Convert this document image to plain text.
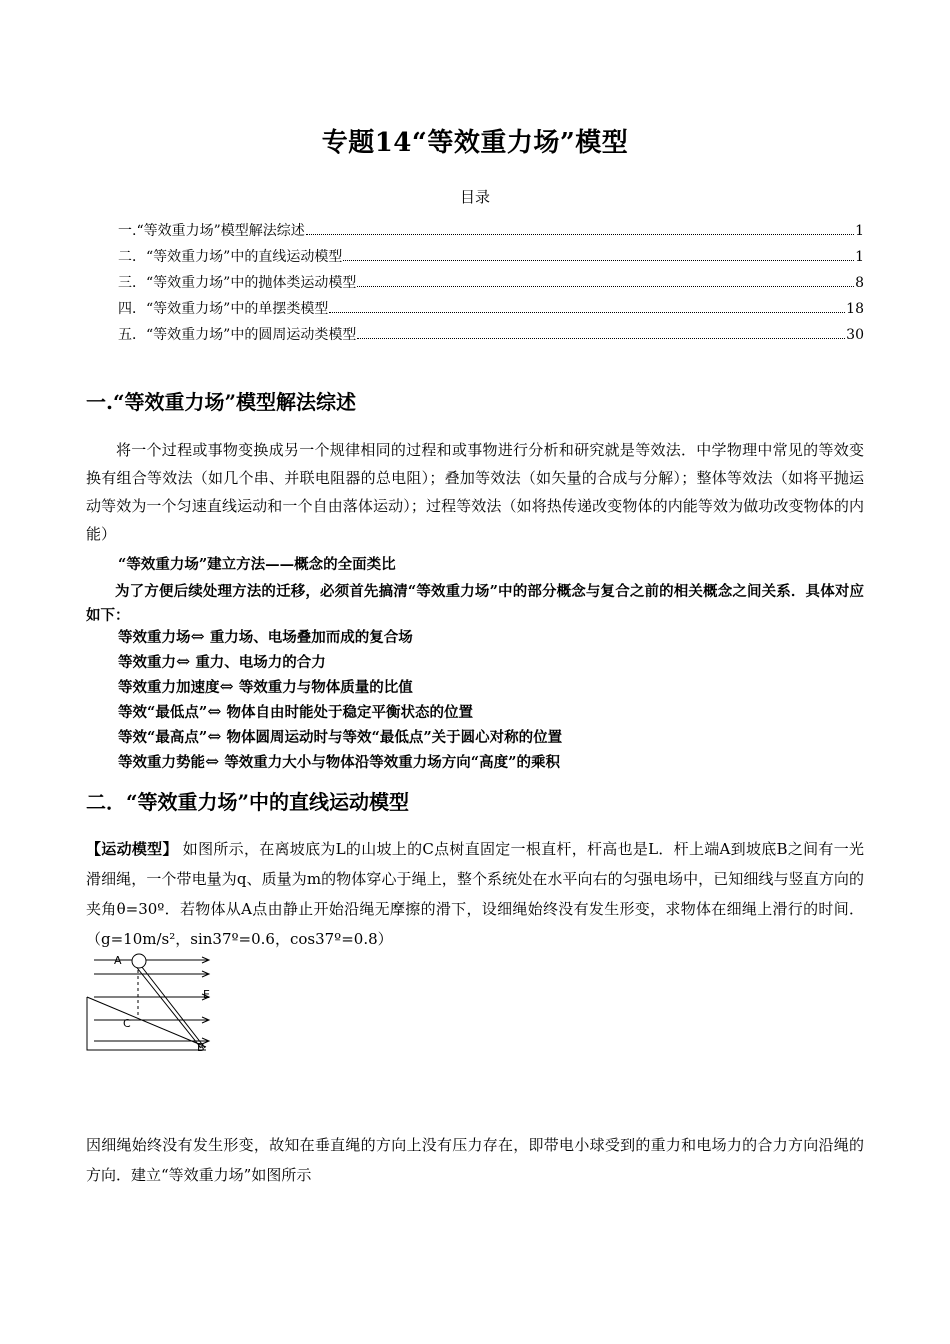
专题14“等效重力场”模型
目录
一.“等效重力场”模型解法综述	1
二．“等效重力场”中的直线运动模型	1
三．“等效重力场”中的抛体类运动模型	8
四．“等效重力场”中的单摆类模型	18
五．“等效重力场”中的圆周运动类模型	30
一.“等效重力场”模型解法综述

将一个过程或事物变换成另一个规律相同的过程和或事物进行分析和研究就是等效法．中学物理中常见的等效变换有组合等效法（如几个串、并联电阻器的总电阻）；叠加等效法（如矢量的合成与分解）；整体等效法（如将平抛运动等效为一个匀速直线运动和一个自由落体运动）；过程等效法（如将热传递改变物体的内能等效为做功改变物体的内能）

“等效重力场”建立方法——概念的全面类比

为了方便后续处理方法的迁移，必须首先搞清“等效重力场”中的部分概念与复合之前的相关概念之间关系．具体对应如下：

等效重力场⇔ 重力场、电场叠加而成的复合场
等效重力⇔ 重力、电场力的合力
等效重力加速度⇔ 等效重力与物体质量的比值
等效“最低点”⇔ 物体自由时能处于稳定平衡状态的位置
等效“最高点”⇔ 物体圆周运动时与等效“最低点”关于圆心对称的位置
等效重力势能⇔ 等效重力大小与物体沿等效重力场方向“高度”的乘积
二．“等效重力场”中的直线运动模型

【运动模型】 如图所示，在离坡底为L的山坡上的C点树直固定一根直杆，杆高也是L．杆上端A到坡底B之间有一光滑细绳，一个带电量为q、质量为m的物体穿心于绳上，整个系统处在水平向右的匀强电场中，已知细线与竖直方向的夹角θ=30º．若物体从A点由静止开始沿绳无摩擦的滑下，设细绳始终没有发生形变，求物体在细绳上滑行的时间．（g=10m/s²，sin37º=0.6，cos37º=0.8）

A
C
E
B

因细绳始终没有发生形变，故知在垂直绳的方向上没有压力存在，即带电小球受到的重力和电场力的合力方向沿绳的方向．建立“等效重力场”如图所示
